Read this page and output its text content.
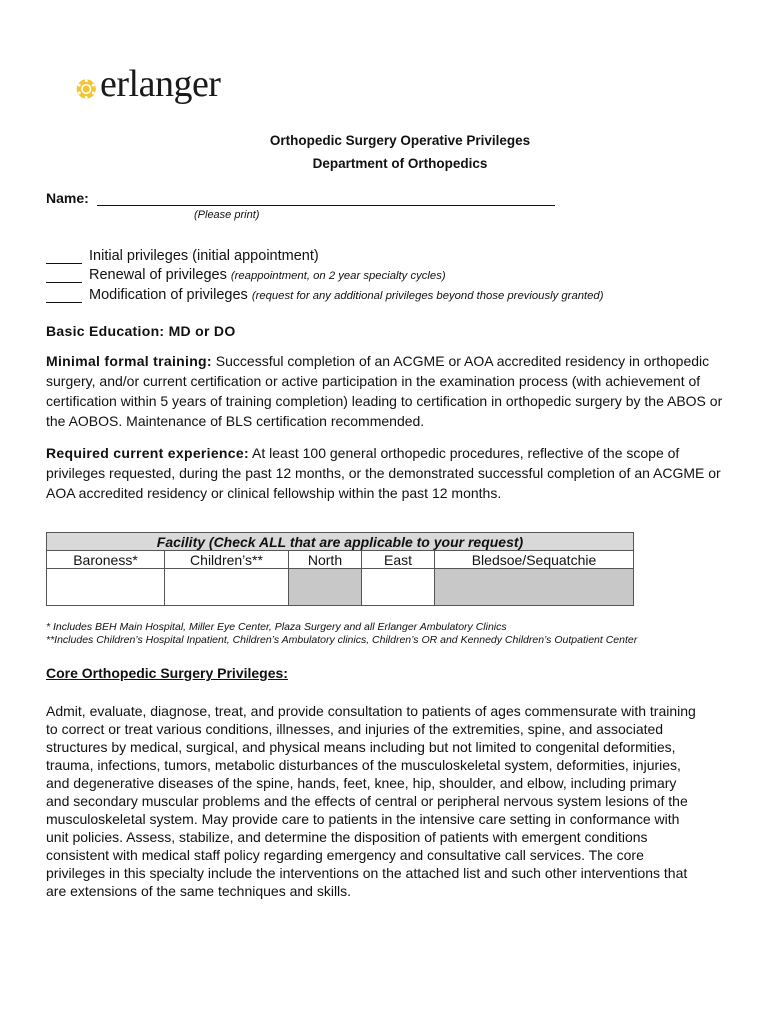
erlanger
Orthopedic Surgery Operative Privileges
Department of Orthopedics
Name:
(Please print)
Initial privileges (initial appointment)
Renewal of privileges (reappointment, on 2 year specialty cycles)
Modification of privileges (request for any additional privileges beyond those previously granted)
Basic Education: MD or DO
Minimal formal training: Successful completion of an ACGME or AOA accredited residency in orthopedic surgery, and/or current certification or active participation in the examination process (with achievement of certification within 5 years of training completion) leading to certification in orthopedic surgery by the ABOS or the AOBOS. Maintenance of BLS certification recommended.
Required current experience: At least 100 general orthopedic procedures, reflective of the scope of privileges requested, during the past 12 months, or the demonstrated successful completion of an ACGME or AOA accredited residency or clinical fellowship within the past 12 months.
Facility (Check ALL that are applicable to your request)				
Baroness*	Children’s**	North	East	Bledsoe/Sequatchie

* Includes BEH Main Hospital, Miller Eye Center, Plaza Surgery and all Erlanger Ambulatory Clinics
**Includes Children’s Hospital Inpatient, Children’s Ambulatory clinics, Children’s OR and Kennedy Children’s Outpatient Center
Core Orthopedic Surgery Privileges:
Admit, evaluate, diagnose, treat, and provide consultation to patients of ages commensurate with training to correct or treat various conditions, illnesses, and injuries of the extremities, spine, and associated structures by medical, surgical, and physical means including but not limited to congenital deformities, trauma, infections, tumors, metabolic disturbances of the musculoskeletal system, deformities, injuries, and degenerative diseases of the spine, hands, feet, knee, hip, shoulder, and elbow, including primary and secondary muscular problems and the effects of central or peripheral nervous system lesions of the musculoskeletal system. May provide care to patients in the intensive care setting in conformance with unit policies. Assess, stabilize, and determine the disposition of patients with emergent conditions consistent with medical staff policy regarding emergency and consultative call services. The core privileges in this specialty include the interventions on the attached list and such other interventions that are extensions of the same techniques and skills.
